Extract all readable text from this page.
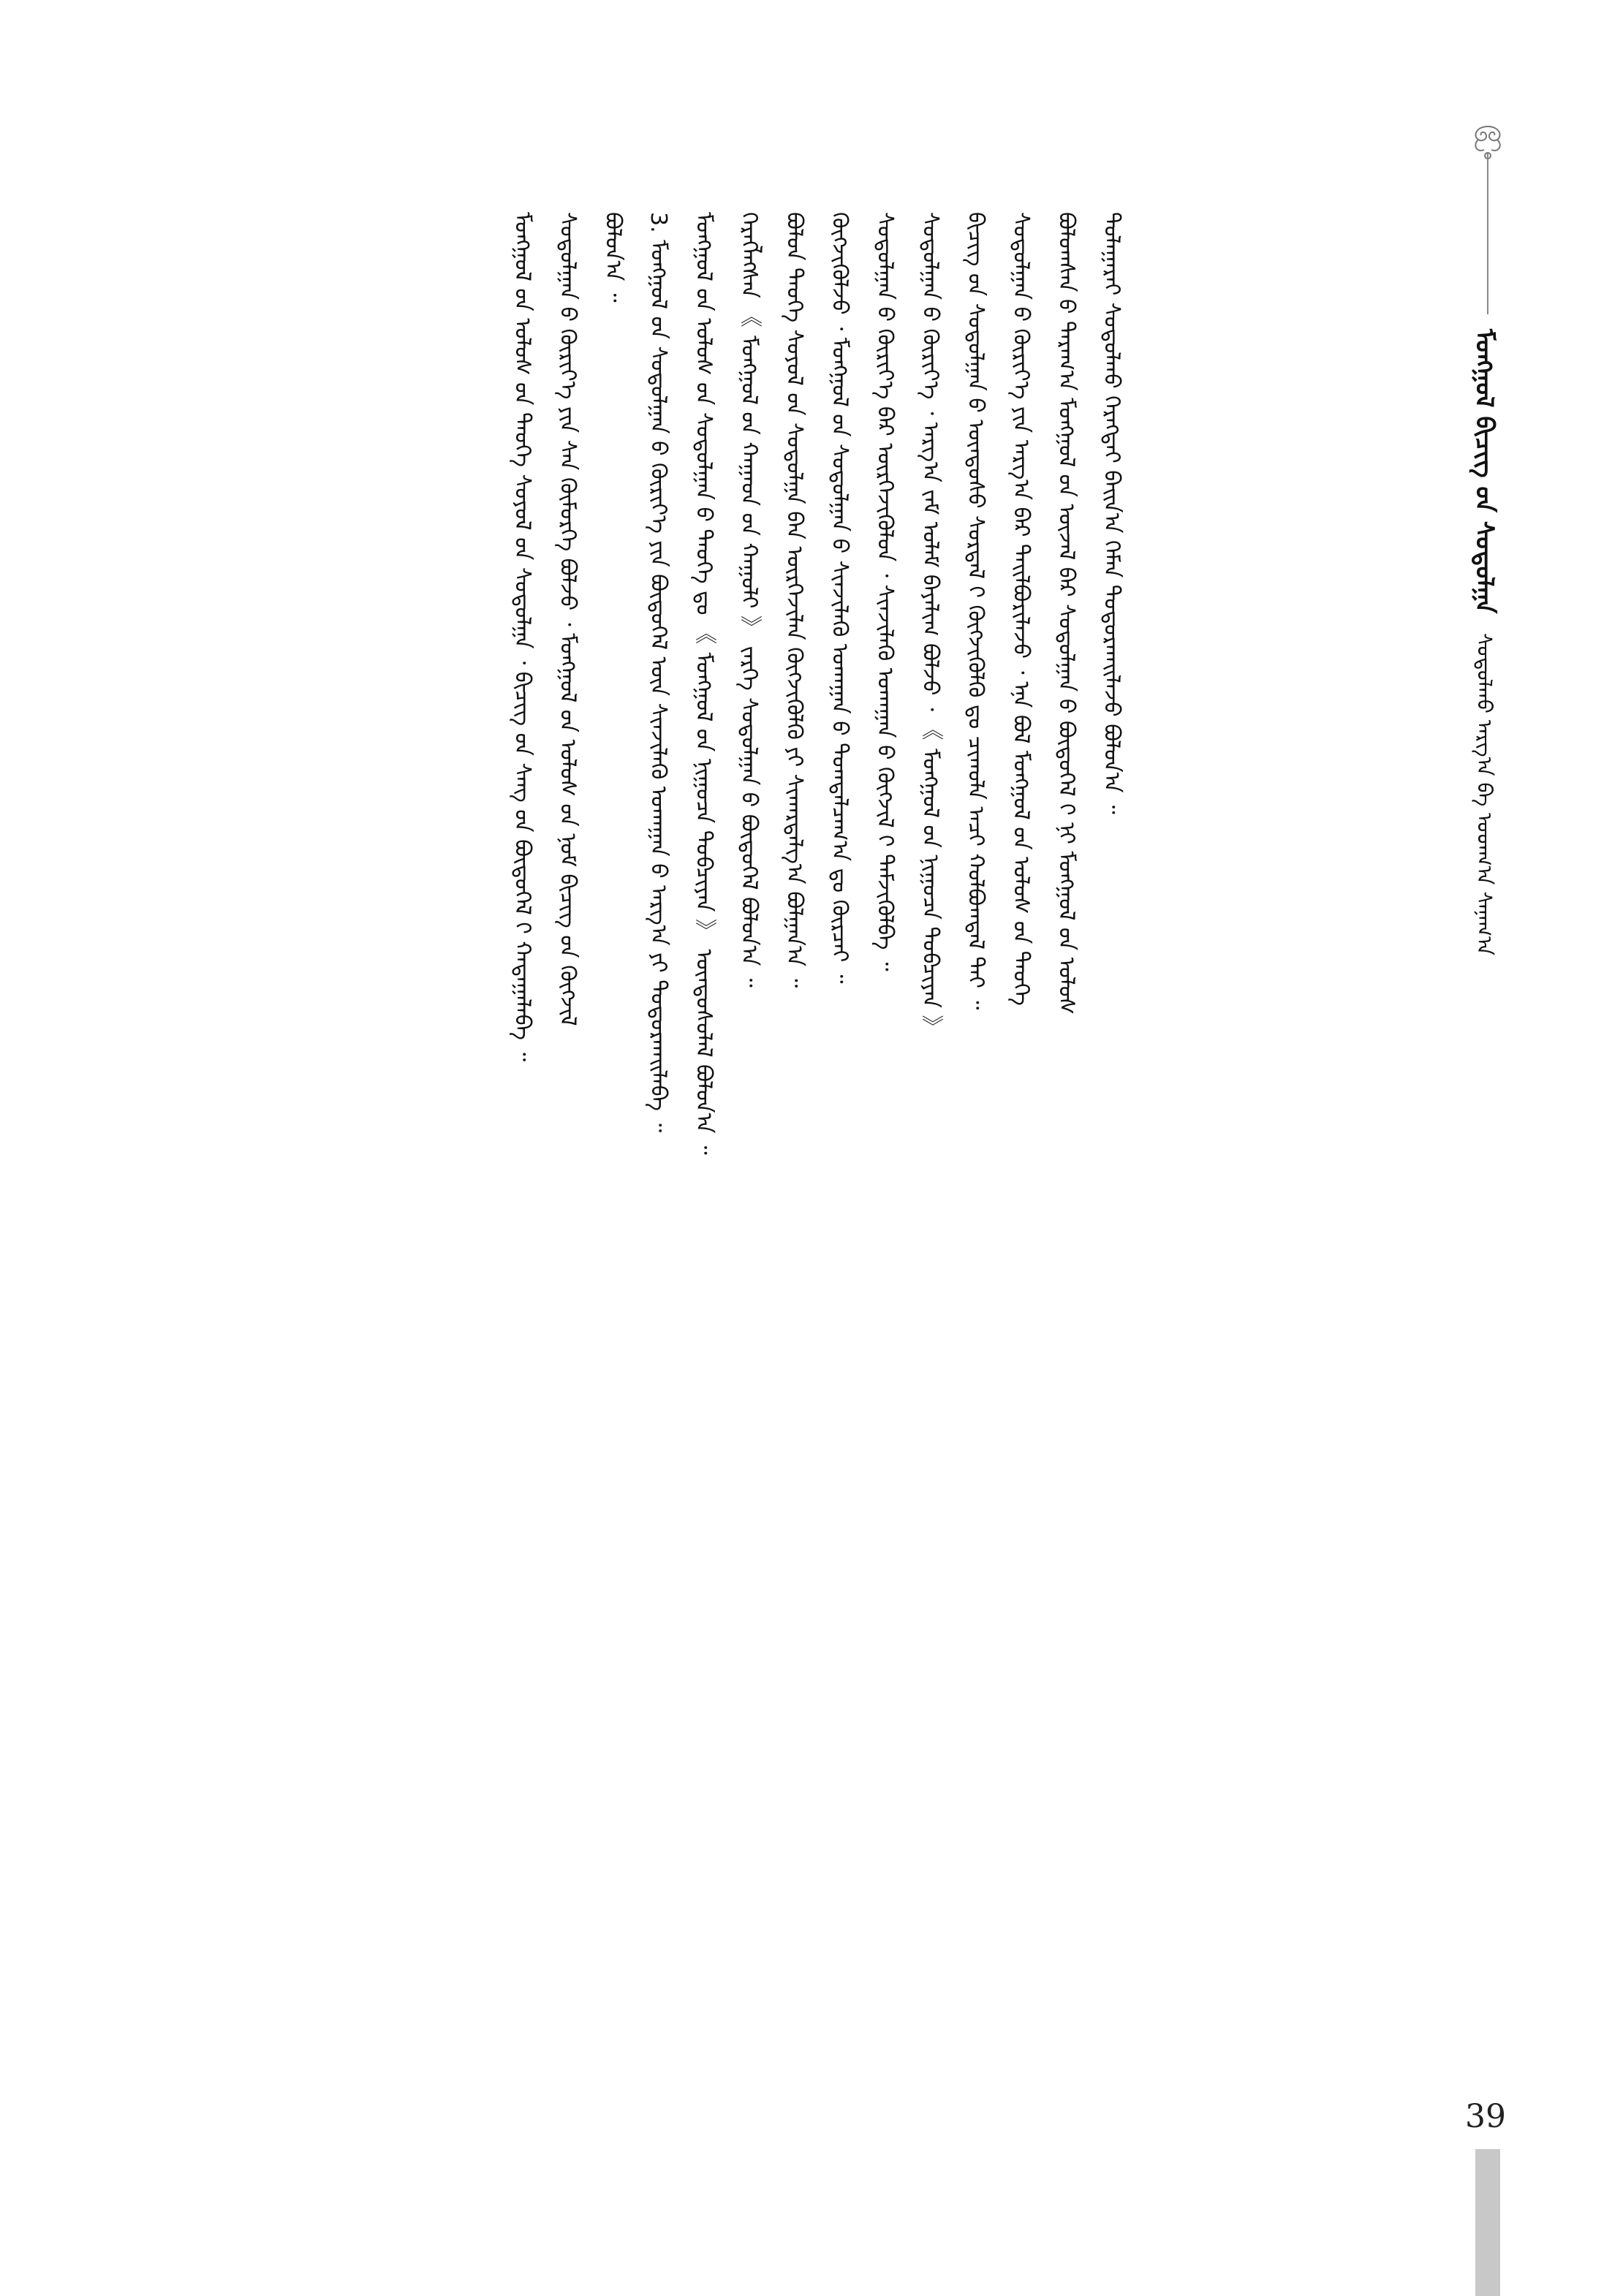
ᠮᠣᠩᠭᠣᠯ ᠪᠢᠴᠢᠭ᠌ ᠤ᠋ᠨ ᠰᠤᠳᠤᠯᠭᠠ   ᠰᠤᠳᠤᠯᠬᠤ ᠠᠷᠭ᠎ᠠ ᠪᠠ ᠤᠳᠬ᠎ᠠ ᠰᠠᠨᠠᠭ᠎ᠠ
ᠲᠤᠯᠠᠭᠠᠷᠠᠢ ᠰᠤᠳᠤᠯᠬᠤ ᠬᠡᠷᠡᠭᠲᠡᠢ ᠪᠠᠢᠨ᠎ᠠ ᠬᠡᠮᠡᠨ ᠲᠣᠳᠣᠷᠬᠠᠢᠯᠠᠵᠤ ᠪᠣᠯᠤᠨ᠎ᠠ ᠃
ᠪᠣᠯᠣᠭᠰᠠᠨ ᠤ᠋ ᠳᠠᠷᠠᠭ᠎ᠠ ᠮᠣᠩᠭᠣᠯ ᠤ᠋ᠨ ᠦᠵᠡᠯ ᠪᠠᠷ ᠰᠤᠳᠤᠯᠭᠠᠨ ᠤ᠋ ᠪᠦᠲᠦᠭᠡᠯ ᠢ᠋ ᠨᠢ ᠮᠣᠩᠭᠣᠯ ᠤ᠋ᠨ ᠤᠯᠤᠰ
ᠰᠤᠳᠤᠯᠭᠠᠨ ᠤ᠋ ᠬᠦᠷᠢᠶ᠎ᠡ ᠶᠢᠨ ᠠᠷᠭ᠎ᠠ ᠪᠠᠷ ᠲᠠᠢᠯᠪᠤᠷᠢᠯᠠᠵᠤ ᠂ ᠡᠨᠡ ᠪᠣᠯ ᠮᠣᠩᠭᠣᠯ ᠤ᠋ᠨ ᠤᠯᠤᠰ ᠤ᠋ᠨ ᠲᠡᠦᠬᠡ
ᠪᠢᠴᠢᠭ ᠤ᠋ᠨ ᠰᠤᠳᠤᠯᠭᠠᠨ ᠤ᠋ ᠦᠨᠳᠦᠰᠦ ᠰᠤᠷᠲᠠᠯ ᠢ᠋ ᠬᠥᠭᠵᠢᠭᠦᠯᠬᠦ ᠳᠤ ᠴᠢᠬᠤᠯᠠ ᠠᠴᠢ ᠬᠣᠯᠪᠣᠭᠳᠠᠯ ᠲᠠᠢ ᠃
ᠰᠤᠳᠤᠯᠭᠠᠨ ᠤ᠋ ᠬᠦᠷᠢᠶ᠎ᠡ ᠂ ᠠᠷᠭ᠎ᠠ ᠵᠠᠮ ᠤᠯᠠᠮ ᠪᠠᠶᠠᠯᠢᠭ ᠪᠣᠯᠵᠤ ᠂ 《 ᠮᠣᠩᠭᠣᠯ ᠤ᠋ᠨ ᠨᠢᠭᠤᠴᠠ ᠲᠣᠪᠴᠢᠶᠠᠨ 》
ᠰᠤᠳᠤᠯᠭᠠᠨ ᠤ᠋ ᠬᠦᠷᠢᠶ᠎ᠡ ᠪᠡᠷ ᠦᠷᠭᠡᠵᠢᠭᠦᠯᠦᠨ ᠂ ᠰᠢᠨᠵᠢᠯᠡᠬᠦ ᠤᠬᠠᠭᠠᠨ ᠤ᠋ ᠬᠥᠭᠵᠢᠯ ᠢ᠋ ᠳᠡᠮᠵᠢᠭᠦᠯᠪᠡ ᠃
ᠬᠥᠭᠵᠢᠭᠦᠯᠵᠦ ᠂ ᠮᠣᠩᠭᠣᠯ ᠤ᠋ᠨ ᠰᠤᠳᠤᠯᠭᠠᠨ ᠤ᠋ ᠰᠢᠨᠵᠢᠯᠡᠬᠦ ᠤᠬᠠᠭᠠᠨ ᠤ᠋ ᠲᠣᠭᠲᠠᠯᠴᠠᠭ᠎ᠠ ᠳᠤ ᠬᠦᠷᠴᠡᠢ ᠃
ᠪᠣᠯᠣᠨ ᠲᠡᠦᠬᠡ ᠰᠣᠶᠣᠯ ᠤ᠋ᠨ ᠰᠤᠳᠤᠯᠭᠠ ᠪᠠᠨ ᠦᠷᠭᠡᠵᠢᠯᠡᠨ ᠬᠥᠭᠵᠢᠭᠦᠯᠬᠦ ᠶᠢ ᠰᠢᠬᠠᠷᠳᠠᠯᠭ᠎ᠠ ᠪᠣᠯᠭᠠᠨ᠎ᠠ ᠃
ᠬᠡᠷᠡᠭᠯᠡᠭᠰᠡᠨ 《 ᠮᠣᠩᠭᠣᠯ ᠤ᠋ᠨ ᠬᠠᠭᠠᠳ ᠤ᠋ᠨ ᠬᠠᠭᠤᠯᠢ 》 ᠵᠡᠷᠭᠡ ᠰᠤᠳᠤᠯᠭᠠᠨ ᠤ᠋ ᠪᠦᠲᠦᠭᠡᠯ ᠪᠣᠯᠤᠨ᠎ᠠ ᠃
ᠮᠣᠩᠭᠣᠯ ᠤ᠋ᠨ ᠤᠯᠤᠰ ᠤ᠋ᠨ ᠰᠤᠳᠤᠯᠭᠠᠨ ᠤ᠋ ᠲᠡᠦᠬᠡ ᠳᠤ 《 ᠮᠣᠩᠭᠣᠯ ᠤ᠋ᠨ ᠨᠢᠭᠤᠴᠠ ᠲᠣᠪᠴᠢᠶᠠᠨ 》 ᠦᠨᠳᠦᠰᠦᠯᠡᠯ ᠪᠣᠯᠤᠨ᠎ᠠ ᠃
3. ᠮᠣᠩᠭᠣᠯ ᠤ᠋ᠨ ᠰᠤᠳᠤᠯᠭᠠᠨ ᠤ᠋ ᠬᠦᠷᠢᠶ᠎ᠡ ᠶᠢᠨ ᠪᠦᠲᠦᠭᠡᠯ ᠦᠨ ᠰᠢᠨᠵᠢᠯᠡᠬᠦ ᠤᠬᠠᠭᠠᠨ ᠤ᠋ ᠠᠷᠭ᠎ᠠ ᠶᠢ ᠲᠣᠳᠣᠷᠬᠠᠢᠯᠠᠪᠠ ᠃
ᠪᠣᠯᠤᠨ᠎ᠠ ᠃
ᠰᠤᠳᠤᠯᠭᠠᠨ ᠤ᠋ ᠬᠦᠷᠢᠶ᠎ᠡ ᠶᠢᠨ ᠰᠠᠨ ᠬᠥᠮᠦᠷᠭᠡ ᠪᠣᠯᠵᠤ ᠂ ᠮᠣᠩᠭᠣᠯ ᠤ᠋ᠨ ᠤᠯᠤᠰ ᠤ᠋ᠨ ᠨᠣᠮ ᠪᠢᠴᠢᠭ ᠤ᠋ᠨ ᠬᠥᠭᠵᠢᠯ
ᠮᠣᠩᠭᠣᠯ ᠤ᠋ᠨ ᠤᠯᠤᠰ ᠤ᠋ᠨ ᠲᠡᠦᠬᠡ ᠰᠣᠶᠣᠯ ᠤ᠋ᠨ ᠰᠤᠳᠤᠯᠭᠠ ᠂ ᠪᠢᠴᠢᠭ ᠤ᠋ᠨ ᠰᠠᠩ ᠤ᠋ᠨ ᠪᠦᠲᠦᠭᠡᠯ ᠢ᠋ ᠬᠠᠳᠠᠭᠠᠯᠠᠪᠠ ᠃
39
